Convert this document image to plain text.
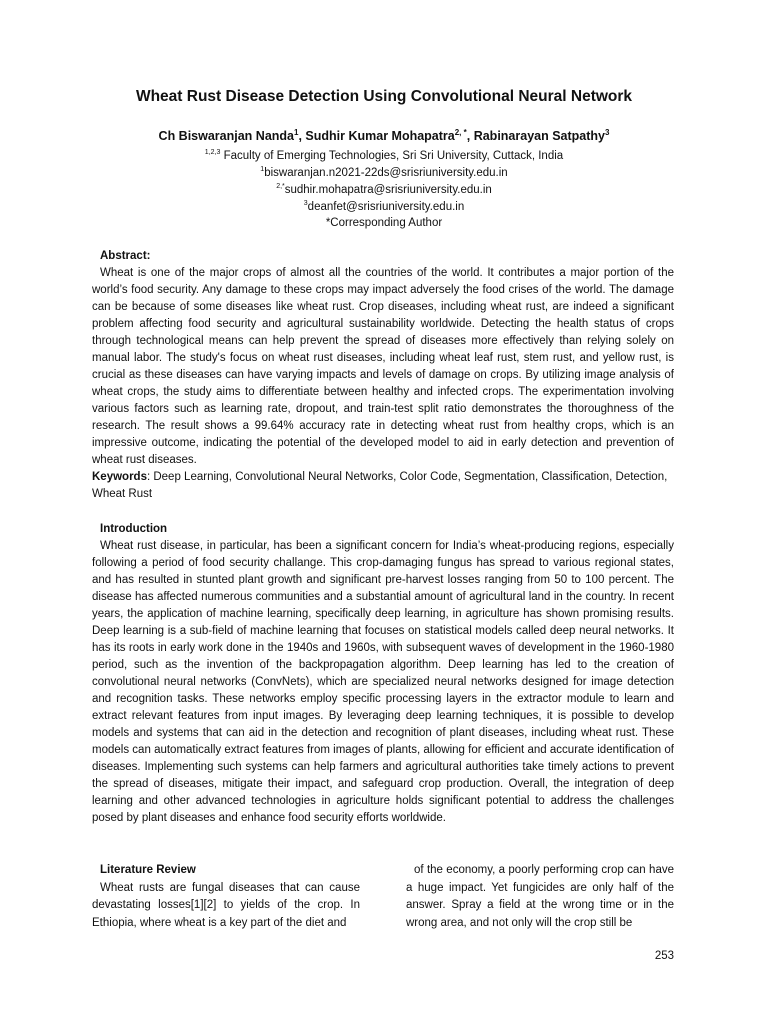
Wheat Rust Disease Detection Using Convolutional Neural Network
Ch Biswaranjan Nanda$^1$, Sudhir Kumar Mohapatra$^{2, *}$, Rabinarayan Satpathy$^3$
$^{1,2,3}$ Faculty of Emerging Technologies, Sri Sri University, Cuttack, India
$^1$biswaranjan.n2021-22ds@srisriuniversity.edu.in
$^{2,*}$sudhir.mohapatra@srisriuniversity.edu.in
$^3$deanfet@srisriuniversity.edu.in
*Corresponding Author
Abstract:

Wheat is one of the major crops of almost all the countries of the world. It contributes a major portion of the world’s food security. Any damage to these crops may impact adversely the food crises of the world. The damage can be because of some diseases like wheat rust. Crop diseases, including wheat rust, are indeed a significant problem affecting food security and agricultural sustainability worldwide. Detecting the health status of crops through technological means can help prevent the spread of diseases more effectively than relying solely on manual labor. The study's focus on wheat rust diseases, including wheat leaf rust, stem rust, and yellow rust, is crucial as these diseases can have varying impacts and levels of damage on crops. By utilizing image analysis of wheat crops, the study aims to differentiate between healthy and infected crops. The experimentation involving various factors such as learning rate, dropout, and train-test split ratio demonstrates the thoroughness of the research. The result shows a 99.64% accuracy rate in detecting wheat rust from healthy crops, which is an impressive outcome, indicating the potential of the developed model to aid in early detection and prevention of wheat rust diseases.

Keywords: Deep Learning, Convolutional Neural Networks, Color Code, Segmentation, Classification, Detection, Wheat Rust

Introduction

Wheat rust disease, in particular, has been a significant concern for India’s wheat-producing regions, especially following a period of food security challange. This crop-damaging fungus has spread to various regional states, and has resulted in stunted plant growth and significant pre-harvest losses ranging from 50 to 100 percent. The disease has affected numerous communities and a substantial amount of agricultural land in the country. In recent years, the application of machine learning, specifically deep learning, in agriculture has shown promising results. Deep learning is a sub-field of machine learning that focuses on statistical models called deep neural networks. It has its roots in early work done in the 1940s and 1960s, with subsequent waves of development in the 1960-1980 period, such as the invention of the backpropagation algorithm. Deep learning has led to the creation of convolutional neural networks (ConvNets), which are specialized neural networks designed for image detection and recognition tasks. These networks employ specific processing layers in the extractor module to learn and extract relevant features from input images. By leveraging deep learning techniques, it is possible to develop models and systems that can aid in the detection and recognition of plant diseases, including wheat rust. These models can automatically extract features from images of plants, allowing for efficient and accurate identification of diseases. Implementing such systems can help farmers and agricultural authorities take timely actions to prevent the spread of diseases, mitigate their impact, and safeguard crop production. Overall, the integration of deep learning and other advanced technologies in agriculture holds significant potential to address the challenges posed by plant diseases and enhance food security efforts worldwide.

Literature Review

Wheat rusts are fungal diseases that can cause devastating losses[1][2] to yields of the crop. In Ethiopia, where wheat is a key part of the diet and

of the economy, a poorly performing crop can have a huge impact. Yet fungicides are only half of the answer. Spray a field at the wrong time or in the wrong area, and not only will the crop still be

253
